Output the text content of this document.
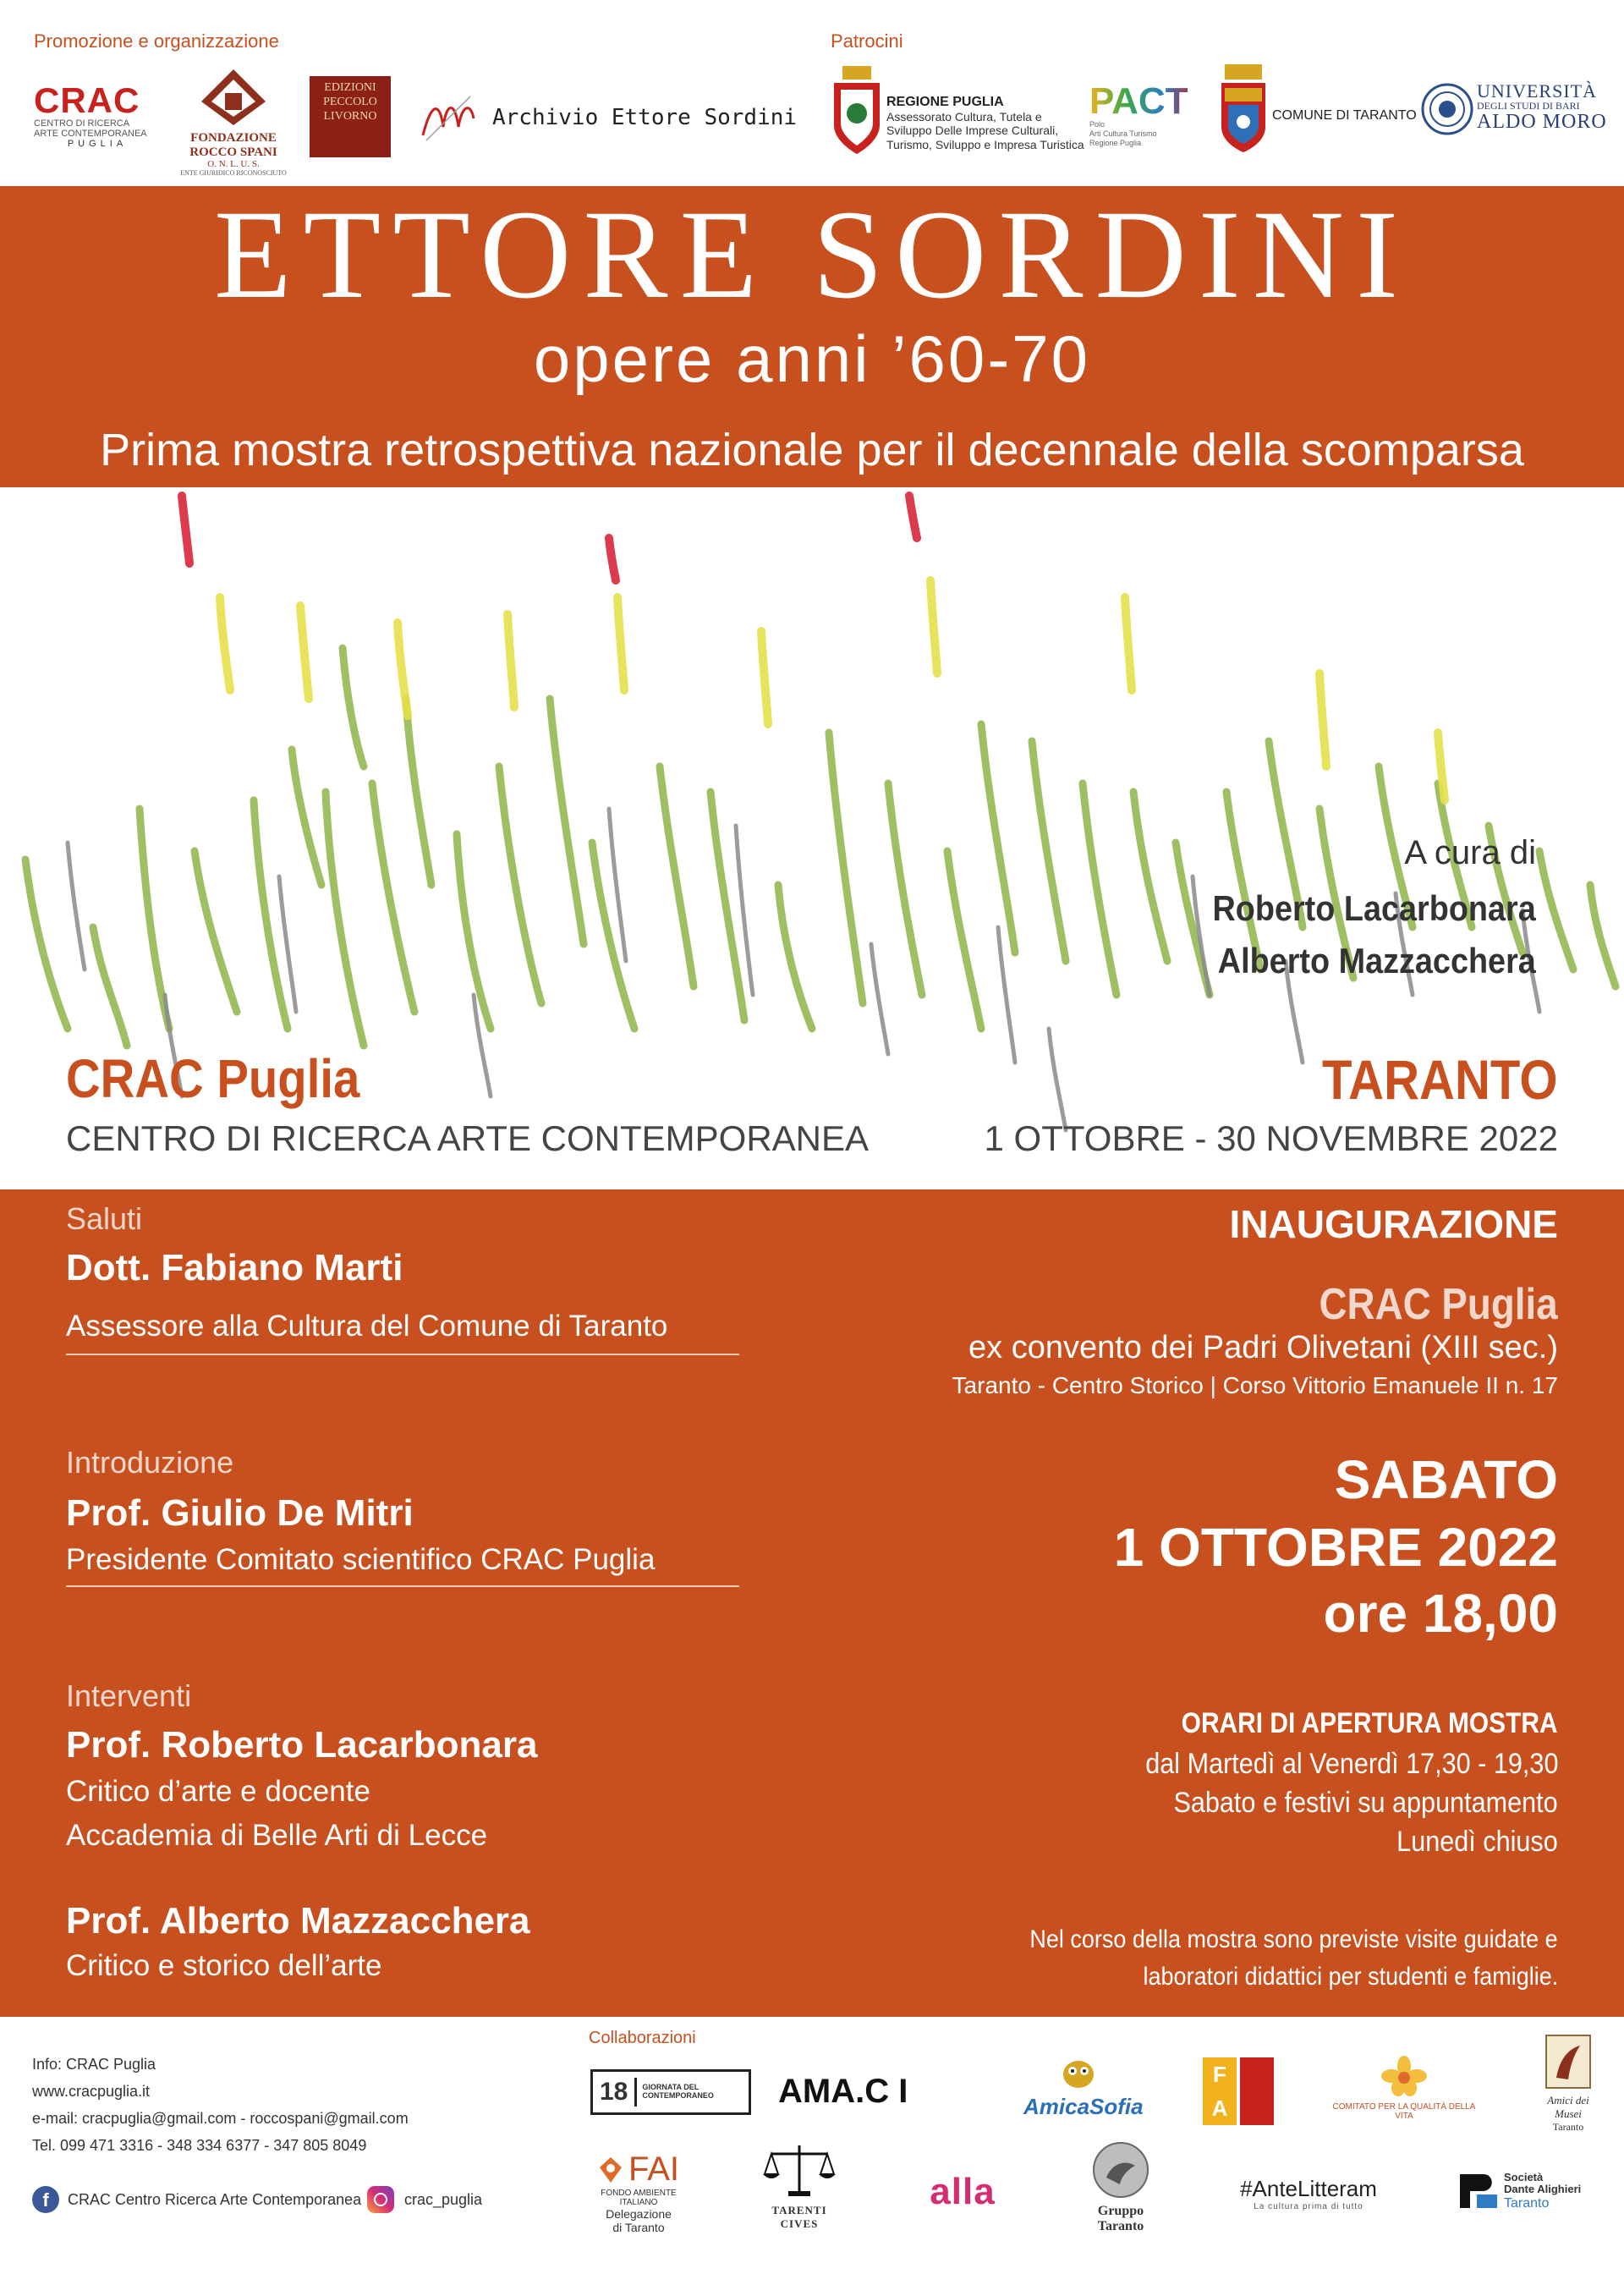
Promozione e organizzazione	Patrocini
CRAC
CENTRO DI RICERCA
ARTE CONTEMPORANEA
PUGLIA	FONDAZIONE
ROCCO SPANI
O. N. L. U. S.
ENTE GIURIDICO RICONOSCIUTO
EDIZIONI
PECCOLO
LIVORNO	Archivio Ettore Sordini
REGIONE PUGLIA
Assessorato Cultura, Tutela e
Sviluppo Delle Imprese Culturali,
Turismo, Sviluppo e Impresa Turistica
PACT
Polo
Arti Cultura Turismo
Regione Puglia
COMUNE DI TARANTO
UNIVERSITÀ
DEGLI STUDI DI BARI
ALDO MORO
ETTORE SORDINI
opere anni ’60-70
Prima mostra retrospettiva nazionale per il decennale della scomparsa
A cura di
Roberto Lacarbonara
Alberto Mazzacchera
CRAC Puglia
CENTRO DI RICERCA ARTE CONTEMPORANEA
TARANTO
1 OTTOBRE - 30 NOVEMBRE 2022
Saluti
Dott. Fabiano Marti
Assessore alla Cultura del Comune di Taranto
Introduzione
Prof. Giulio De Mitri
Presidente Comitato scientifico CRAC Puglia
Interventi
Prof. Roberto Lacarbonara
Critico d’arte e docente
Accademia di Belle Arti di Lecce
Prof. Alberto Mazzacchera
Critico e storico dell’arte
INAUGURAZIONE
CRAC Puglia
ex convento dei Padri Olivetani (XIII sec.)
Taranto - Centro Storico | Corso Vittorio Emanuele II n. 17
SABATO
1 OTTOBRE 2022
ore 18,00
ORARI DI APERTURA MOSTRA
dal Martedì al Venerdì 17,30 - 19,30
Sabato e festivi su appuntamento
Lunedì chiuso
Nel corso della mostra sono previste visite guidate e
laboratori didattici per studenti e famiglie.
Info: CRAC Puglia
www.cracpuglia.it
e-mail: cracpuglia@gmail.com - roccospani@gmail.com
Tel. 099 471 3316 - 348 334 6377 - 347 805 8049
f	CRAC Centro Ricerca Arte Contemporanea	crac_puglia
Collaborazioni
18	GIORNATA DEL CONTEMPORANEO	AMA.C I	AmicaSofia
F A	COMITATO PER LA QUALITÀ DELLA VITA
Amici dei
Musei
Taranto
FAI
FONDO AMBIENTE
ITALIANO
Delegazione
di Taranto
TARENTI
CIVES
alla	Gruppo
Taranto
#AnteLitteram
La cultura prima di tutto
Società
Dante Alighieri
Taranto
